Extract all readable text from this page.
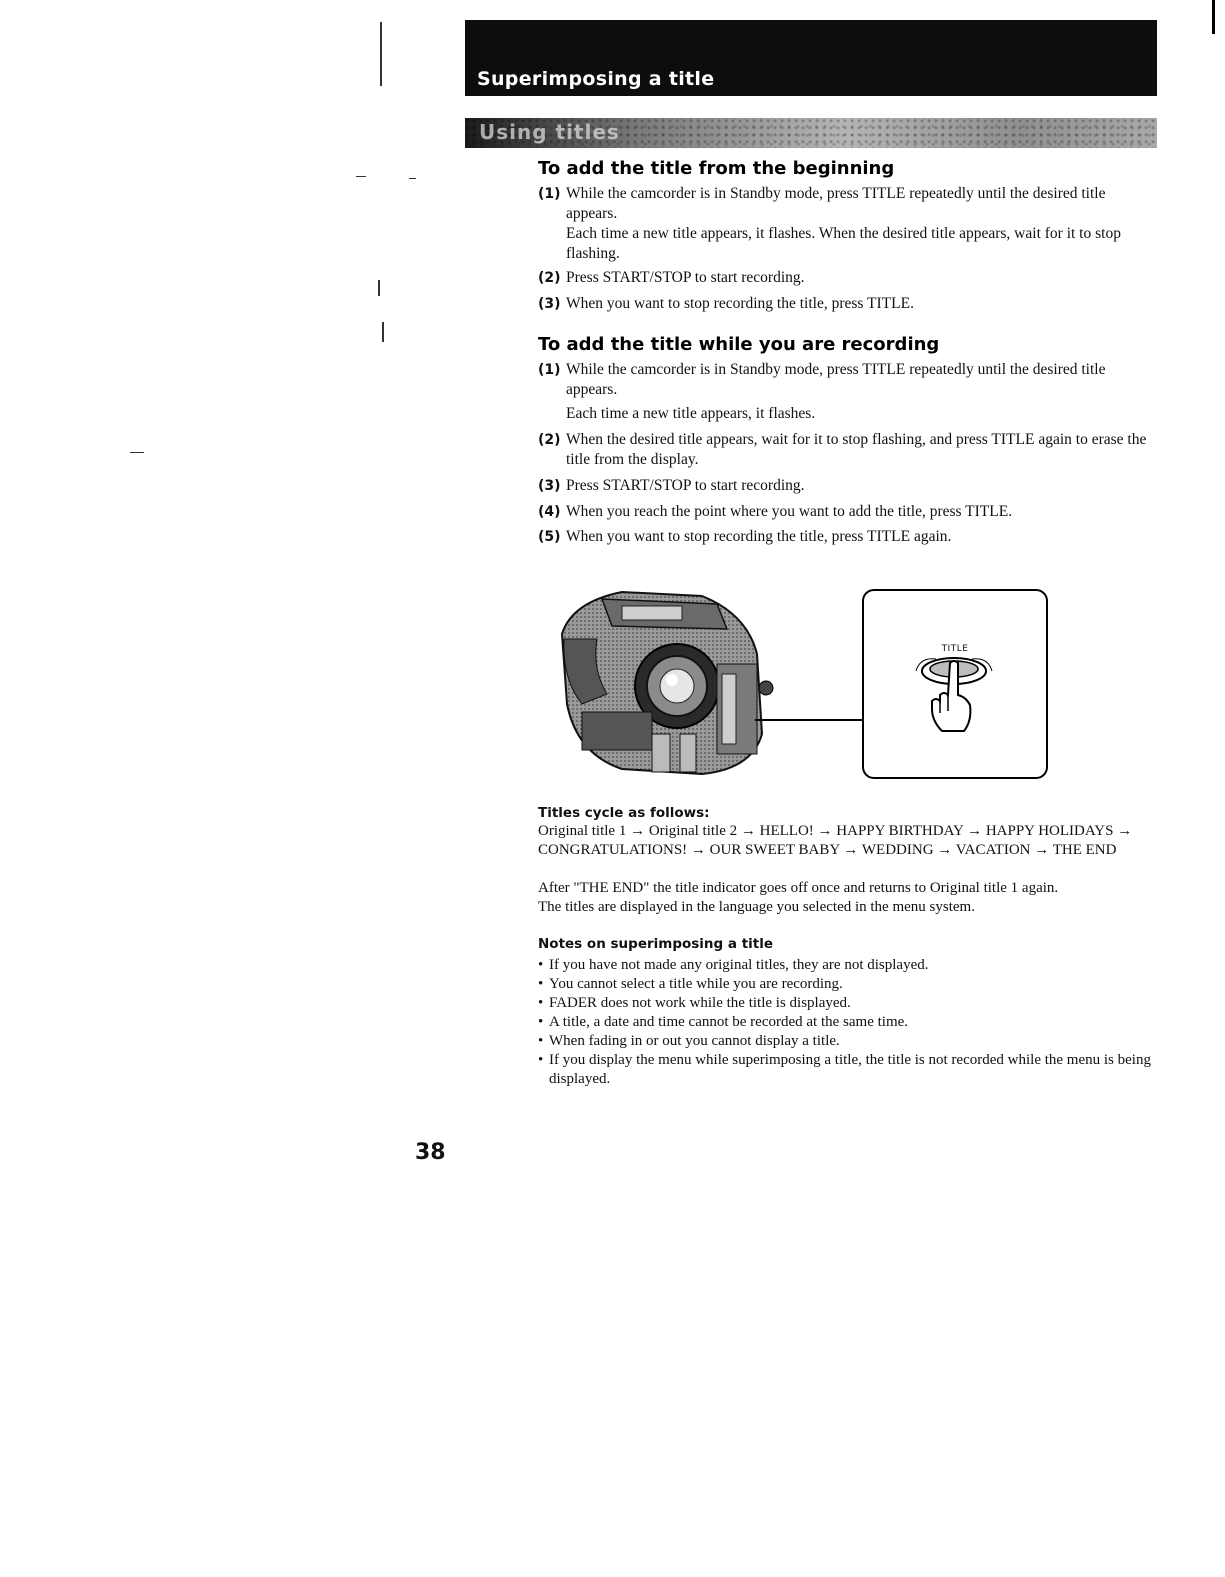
Superimposing a title
Using titles
To add the title from the beginning
(1) While the camcorder is in Standby mode, press TITLE repeatedly until the desired title appears.
Each time a new title appears, it flashes. When the desired title appears, wait for it to stop flashing.
(2) Press START/STOP to start recording.
(3) When you want to stop recording the title, press TITLE.
To add the title while you are recording
(1) While the camcorder is in Standby mode, press TITLE repeatedly until the desired title appears.
Each time a new title appears, it flashes.
(2) When the desired title appears, wait for it to stop flashing, and press TITLE again to erase the title from the display.
(3) Press START/STOP to start recording.
(4) When you reach the point where you want to add the title, press TITLE.
(5) When you want to stop recording the title, press TITLE again.
TITLE
Titles cycle as follows:
Original title 1 → Original title 2 → HELLO! → HAPPY BIRTHDAY → HAPPY HOLIDAYS → CONGRATULATIONS! → OUR SWEET BABY → WEDDING → VACATION → THE END
After "THE END" the title indicator goes off once and returns to Original title 1 again.
The titles are displayed in the language you selected in the menu system.
Notes on superimposing a title
• If you have not made any original titles, they are not displayed.
• You cannot select a title while you are recording.
• FADER does not work while the title is displayed.
• A title, a date and time cannot be recorded at the same time.
• When fading in or out you cannot display a title.
• If you display the menu while superimposing a title, the title is not recorded while the menu is being displayed.
38
